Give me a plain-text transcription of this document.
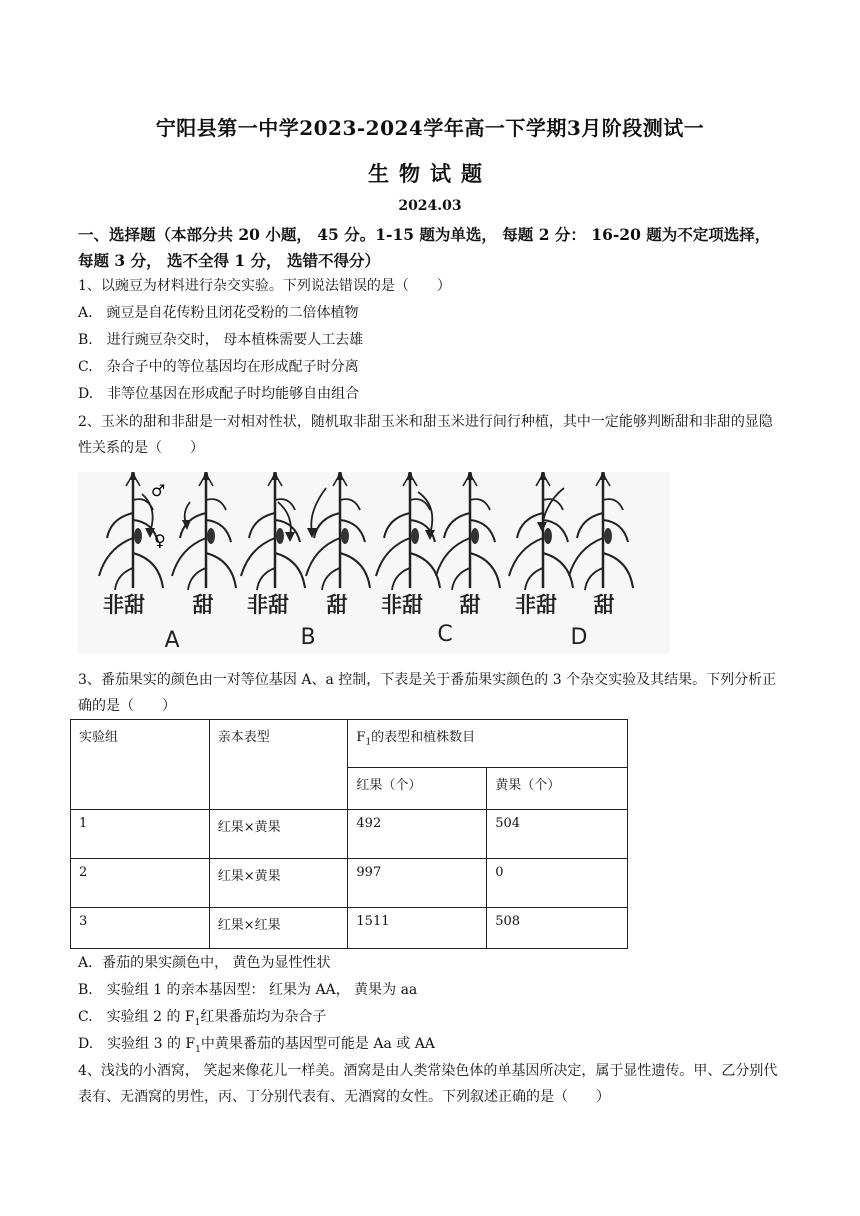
宁阳县第一中学2023-2024学年高一下学期3月阶段测试一
生物试题
2024.03
一、选择题（本部分共 20 小题， 45 分。1-15 题为单选， 每题 2 分： 16-20 题为不定项选择， 每题 3 分， 选不全得 1 分， 选错不得分）
1、以豌豆为材料进行杂交实验。下列说法错误的是（　　）
A.　豌豆是自花传粉且闭花受粉的二倍体植物
B.　进行豌豆杂交时， 母本植株需要人工去雄
C.　杂合子中的等位基因均在形成配子时分离
D.　非等位基因在形成配子时均能够自由组合
2、玉米的甜和非甜是一对相对性状，随机取非甜玉米和甜玉米进行间行种植，其中一定能够判断甜和非甜的显隐性关系的是（　　）
♂
♀
非甜 甜 非甜 甜 非甜 甜 非甜 甜
A	B	C	D
3、番茄果实的颜色由一对等位基因 A、a 控制，下表是关于番茄果实颜色的 3 个杂交实验及其结果。下列分析正确的是（　　）
实验组	亲本表型	$F_1$的表型和植株数目	
		红果（个）	黄果（个）
1	红果×黄果	492	504
2	红果×黄果	997	0
3	红果×红果	1511	508
A．番茄的果实颜色中， 黄色为显性性状
B.　实验组 1 的亲本基因型： 红果为 AA， 黄果为 aa
C.　实验组 2 的 $F_1$红果番茄均为杂合子
D.　实验组 3 的 $F_1$中黄果番茄的基因型可能是 Aa 或 AA
4、浅浅的小酒窝， 笑起来像花儿一样美。酒窝是由人类常染色体的单基因所决定，属于显性遗传。甲、乙分别代表有、无酒窝的男性，丙、丁分别代表有、无酒窝的女性。下列叙述正确的是（　　）
